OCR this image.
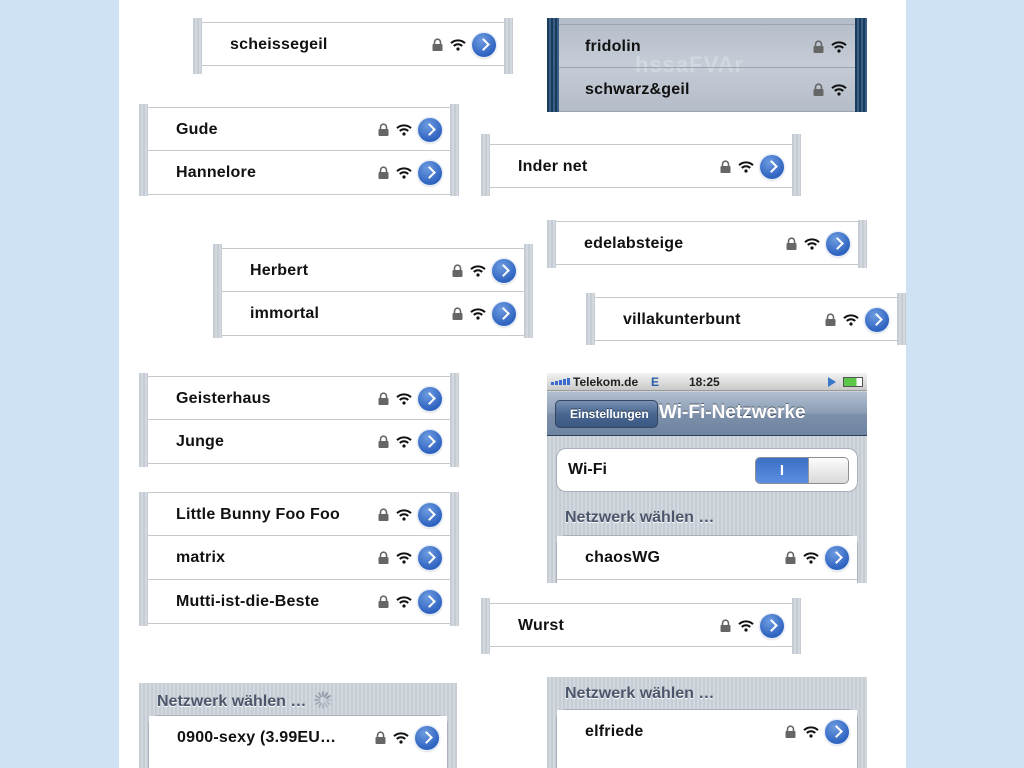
scheissegeil
hssaFVAr
fridolin
schwarz&geil
Gude
Hannelore	Inder net
edelabsteige
Herbert
immortal	villakunterbunt
Geisterhaus
Junge
Little Bunny Foo Foo
matrix
Mutti-ist-die-Beste
Wurst
Netzwerk wählen …
0900-sexy (3.99EU…
Netzwerk wählen …
elfriede
Telekom.de E 18:25
Einstellungen Wi-Fi-Netzwerke
Wi-Fi	I
Netzwerk wählen …
chaosWG
